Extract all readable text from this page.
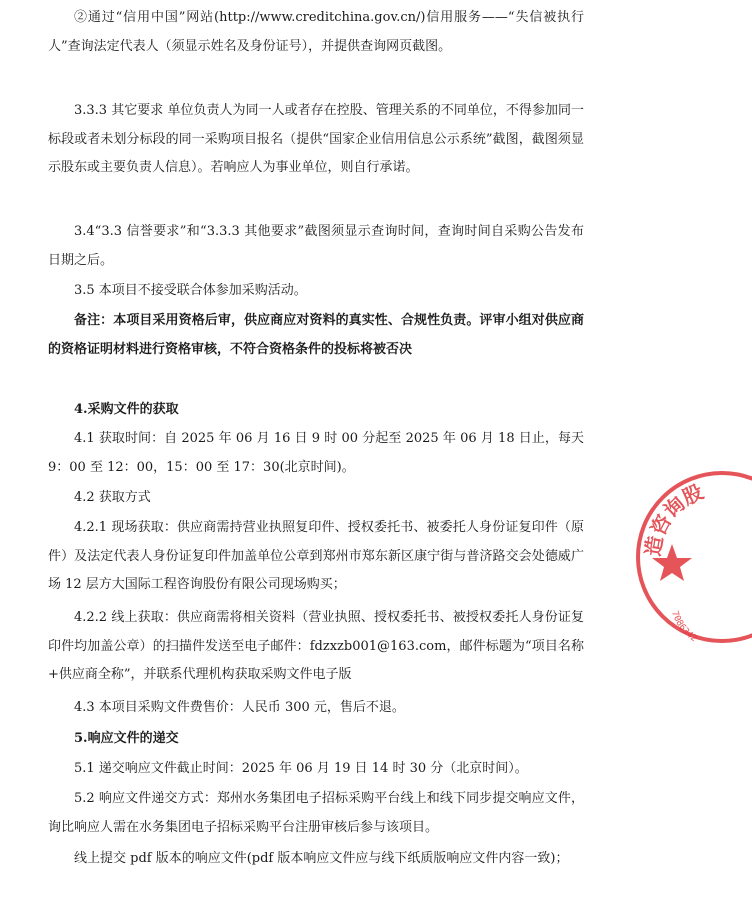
②通过“信用中国”网站(http://www.creditchina.gov.cn/)信用服务——“失信被执行人”查询法定代表人（须显示姓名及身份证号），并提供查询网页截图。

3.3.3 其它要求 单位负责人为同一人或者存在控股、管理关系的不同单位，不得参加同一标段或者未划分标段的同一采购项目报名（提供“国家企业信用信息公示系统”截图，截图须显示股东或主要负责人信息）。若响应人为事业单位，则自行承诺。

3.4“3.3 信誉要求”和“3.3.3 其他要求”截图须显示查询时间，查询时间自采购公告发布日期之后。

3.5 本项目不接受联合体参加采购活动。

备注：本项目采用资格后审，供应商应对资料的真实性、合规性负责。评审小组对供应商的资格证明材料进行资格审核，不符合资格条件的投标将被否决

4.采购文件的获取

4.1 获取时间：自 2025 年 06 月 16 日 9 时 00 分起至 2025 年 06 月 18 日止，每天 9：00 至 12：00，15：00 至 17：30(北京时间)。

4.2 获取方式

4.2.1 现场获取：供应商需持营业执照复印件、授权委托书、被委托人身份证复印件（原件）及法定代表人身份证复印件加盖单位公章到郑州市郑东新区康宁街与普济路交会处德威广场 12 层方大国际工程咨询股份有限公司现场购买；

4.2.2 线上获取：供应商需将相关资料（营业执照、授权委托书、被授权委托人身份证复印件均加盖公章）的扫描件发送至电子邮件：fdzxzb001@163.com，邮件标题为“项目名称+供应商全称”，并联系代理机构获取采购文件电子版

4.3 本项目采购文件费售价：人民币 300 元，售后不退。

5.响应文件的递交

5.1 递交响应文件截止时间：2025 年 06 月 19 日 14 时 30 分（北京时间）。

5.2 响应文件递交方式：郑州水务集团电子招标采购平台线上和线下同步提交响应文件，询比响应人需在水务集团电子招标采购平台注册审核后参与该项目。

线上提交 pdf 版本的响应文件(pdf 版本响应文件应与线下纸质版响应文件内容一致)；

造咨询股
7086342
